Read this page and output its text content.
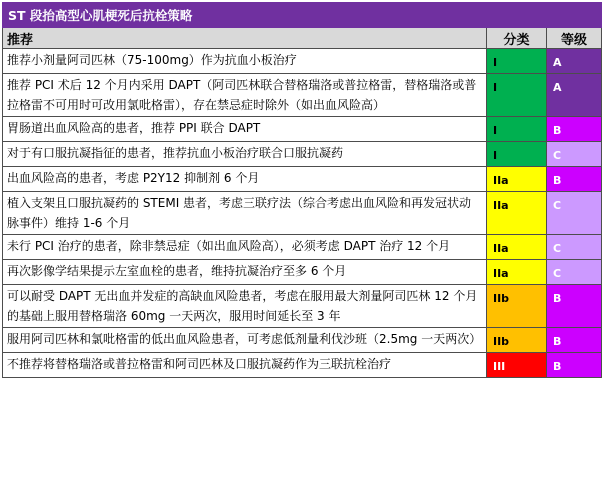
ST 段抬高型心肌梗死后抗栓策略		
推荐	分类	等级
推荐小剂量阿司匹林（75-100mg）作为抗血小板治疗	I	A
推荐 PCI 术后 12 个月内采用 DAPT（阿司匹林联合替格瑞洛或普拉格雷，替格瑞洛或普拉格雷不可用时可改用氯吡格雷），存在禁忌症时除外（如出血风险高）	I	A
胃肠道出血风险高的患者，推荐 PPI 联合 DAPT	I	B
对于有口服抗凝指征的患者，推荐抗血小板治疗联合口服抗凝药	I	C
出血风险高的患者，考虑 P2Y12 抑制剂 6 个月	IIa	B
植入支架且口服抗凝药的 STEMI 患者，考虑三联疗法（综合考虑出血风险和再发冠状动脉事件）维持 1-6 个月	IIa	C
未行 PCI 治疗的患者，除非禁忌症（如出血风险高），必须考虑 DAPT 治疗 12 个月	IIa	C
再次影像学结果提示左室血栓的患者，维持抗凝治疗至多 6 个月	IIa	C
可以耐受 DAPT 无出血并发症的高缺血风险患者，考虑在服用最大剂量阿司匹林 12 个月的基础上服用替格瑞洛 60mg 一天两次，服用时间延长至 3 年	IIb	B
服用阿司匹林和氯吡格雷的低出血风险患者，可考虑低剂量利伐沙班（2.5mg 一天两次）	IIb	B
不推荐将替格瑞洛或普拉格雷和阿司匹林及口服抗凝药作为三联抗栓治疗	III	B
